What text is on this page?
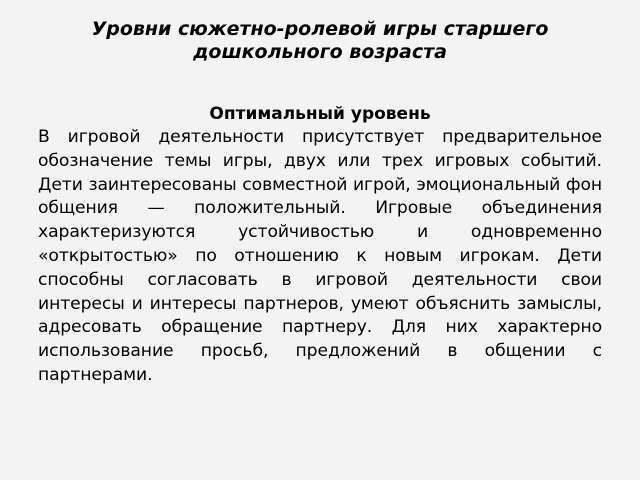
Уровни сюжетно-ролевой игры старшего дошкольного возраста
Оптимальный уровень

В игровой деятельности присутствует предварительное обозначение темы игры, двух или трех игровых событий. Дети заинтересованы совместной игрой, эмоциональный фон общения — положительный. Игровые объединения характеризуются устойчивостью и одновременно «открытостью» по отношению к новым игрокам. Дети способны согласовать в игровой деятельности свои интересы и интересы партнеров, умеют объяснить замыслы, адресовать обращение партнеру. Для них характерно использование просьб, предложений в общении с партнерами.
